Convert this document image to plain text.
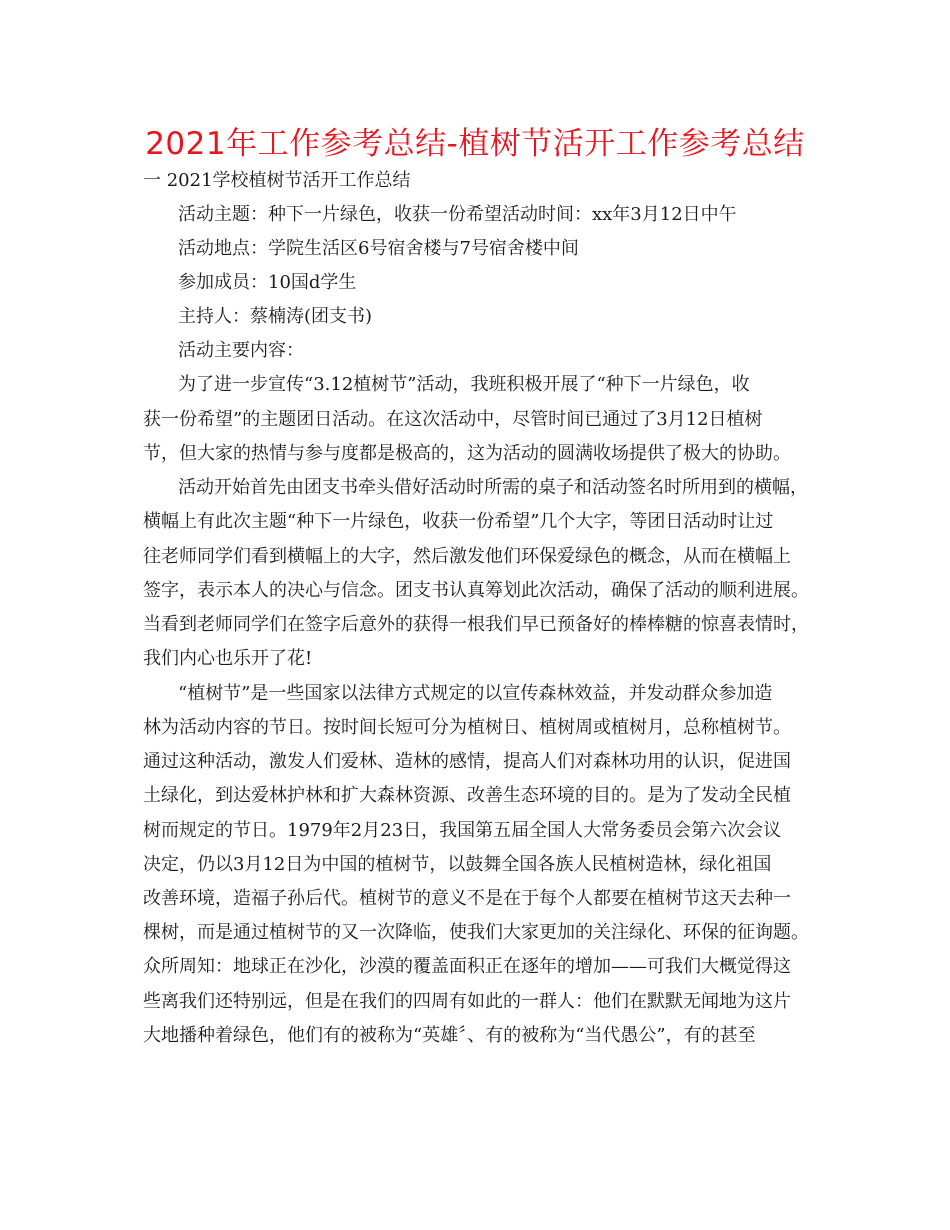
2021年工作参考总结-植树节活开工作参考总结
一 2021学校植树节活开工作总结
活动主题：种下一片绿色，收获一份希望活动时间：xx年3月12日中午
活动地点：学院生活区6号宿舍楼与7号宿舍楼中间
参加成员：10国d学生
主持人：蔡楠涛(团支书)
活动主要内容：
为了进一步宣传“3.12植树节”活动，我班积极开展了“种下一片绿色，收
获一份希望”的主题团日活动。在这次活动中，尽管时间已通过了3月12日植树
节，但大家的热情与参与度都是极高的，这为活动的圆满收场提供了极大的协助。
活动开始首先由团支书牵头借好活动时所需的桌子和活动签名时所用到的横幅，
横幅上有此次主题“种下一片绿色，收获一份希望”几个大字，等团日活动时让过
往老师同学们看到横幅上的大字，然后激发他们环保爱绿色的概念，从而在横幅上
签字，表示本人的决心与信念。团支书认真筹划此次活动，确保了活动的顺利进展。
当看到老师同学们在签字后意外的获得一根我们早已预备好的棒棒糖的惊喜表情时，
我们内心也乐开了花!
“植树节”是一些国家以法律方式规定的以宣传森林效益，并发动群众参加造
林为活动内容的节日。按时间长短可分为植树日、植树周或植树月，总称植树节。
通过这种活动，激发人们爱林、造林的感情，提高人们对森林功用的认识，促进国
土绿化，到达爱林护林和扩大森林资源、改善生态环境的目的。是为了发动全民植
树而规定的节日。1979年2月23日，我国第五届全国人大常务委员会第六次会议
决定，仍以3月12日为中国的植树节，以鼓舞全国各族人民植树造林，绿化祖国
改善环境，造福子孙后代。植树节的意义不是在于每个人都要在植树节这天去种一
棵树，而是通过植树节的又一次降临，使我们大家更加的关注绿化、环保的征询题。
众所周知：地球正在沙化，沙漠的覆盖面积正在逐年的增加——可我们大概觉得这
些离我们还特别远，但是在我们的四周有如此的一群人：他们在默默无闻地为这片
大地播种着绿色，他们有的被称为“英雄〞、有的被称为“当代愚公”，有的甚至
